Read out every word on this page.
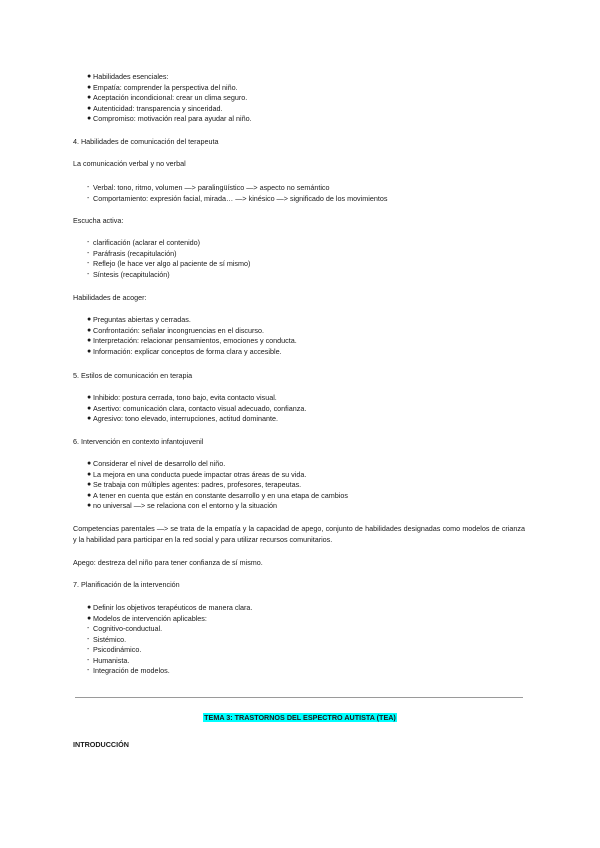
● Habilidades esenciales:
● Empatía: comprender la perspectiva del niño.
● Aceptación incondicional: crear un clima seguro.
● Autenticidad: transparencia y sinceridad.
● Compromiso: motivación real para ayudar al niño.

4. Habilidades de comunicación del terapeuta

La comunicación verbal y no verbal

- Verbal: tono, ritmo, volumen —> paralingüístico —> aspecto no semántico
- Comportamiento: expresión facial, mirada… —> kinésico —> significado de los movimientos

Escucha activa:

- clarificación (aclarar el contenido)
- Paráfrasis (recapitulación)
- Reflejo (le hace ver algo al paciente de sí mismo)
- Síntesis (recapitulación)

Habilidades de acoger:

● Preguntas abiertas y cerradas.
● Confrontación: señalar incongruencias en el discurso.
● Interpretación: relacionar pensamientos, emociones y conducta.
● Información: explicar conceptos de forma clara y accesible.

5. Estilos de comunicación en terapia

● Inhibido: postura cerrada, tono bajo, evita contacto visual.
● Asertivo: comunicación clara, contacto visual adecuado, confianza.
● Agresivo: tono elevado, interrupciones, actitud dominante.

6. Intervención en contexto infantojuvenil

● Considerar el nivel de desarrollo del niño.
● La mejora en una conducta puede impactar otras áreas de su vida.
● Se trabaja con múltiples agentes: padres, profesores, terapeutas.
● A tener en cuenta que están en constante desarrollo y en una etapa de cambios
● no universal —> se relaciona con el entorno y la situación

Competencias parentales —> se trata de la empatía y la capacidad de apego, conjunto de habilidades designadas como modelos de crianza y la habilidad para participar en la red social y para utilizar recursos comunitarios.

Apego: destreza del niño para tener confianza de sí mismo.

7. Planificación de la intervención

● Definir los objetivos terapéuticos de manera clara.
● Modelos de intervención aplicables:
- Cognitivo-conductual.
- Sistémico.
- Psicodinámico.
- Humanista.
- Integración de modelos.
TEMA 3: TRASTORNOS DEL ESPECTRO AUTISTA (TEA)
INTRODUCCIÓN
